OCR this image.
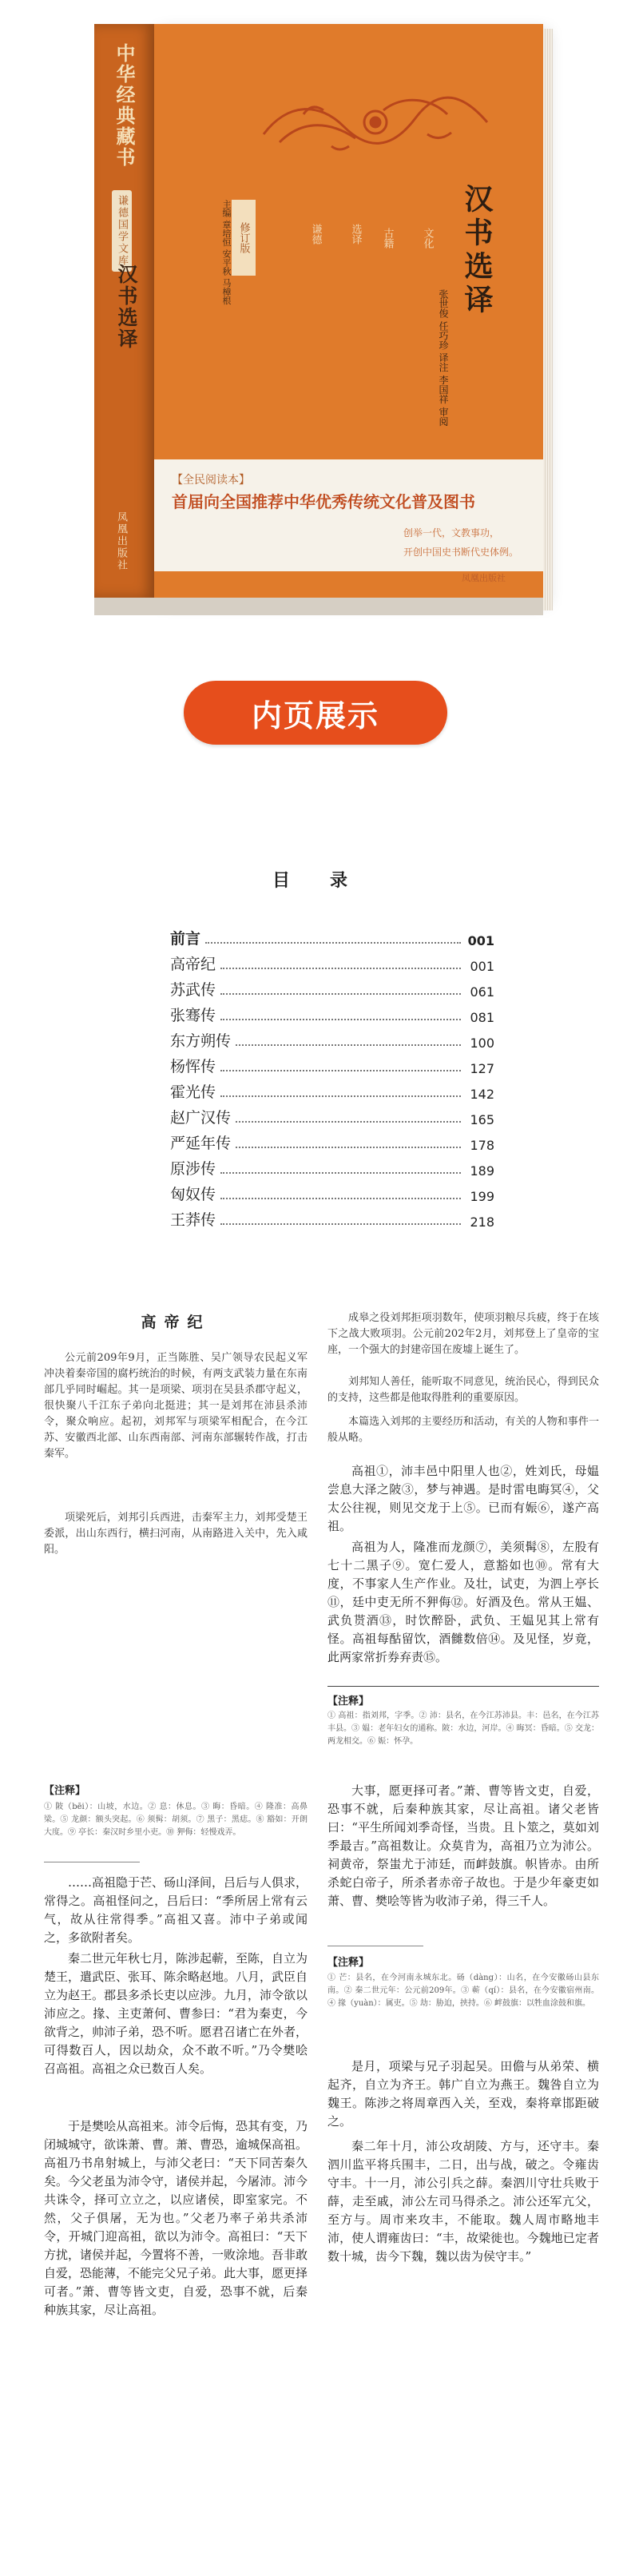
中华经典藏书
谦德国学文库
汉书选译
凤凰出版社
修订版	谦德	选译	古籍	文化
主编 章培恒 安平秋 马樟根	汉书选译
张世俊 任巧珍 译注 李国祥 审阅
【全民阅读本】
首届向全国推荐中华优秀传统文化普及图书
创举一代，文教事功，
开创中国史书断代史体例。
凤凰出版社
内页展示
目　录
前言	001
高帝纪	001
苏武传	061
张骞传	081
东方朔传	100
杨恽传	127
霍光传	142
赵广汉传	165
严延年传	178
原涉传	189
匈奴传	199
王莽传	218
高帝纪

公元前209年9月，正当陈胜、吴广领导农民起义军冲决着秦帝国的腐朽统治的时候，有两支武装力量在东南部几乎同时崛起。其一是项梁、项羽在吴县杀郡守起义，很快聚八千江东子弟向北挺进；其一是刘邦在沛县杀沛令，聚众响应。起初，刘邦军与项梁军相配合，在今江苏、安徽西北部、山东西南部、河南东部辗转作战，打击秦军。

项梁死后，刘邦引兵西进，击秦军主力，刘邦受楚王委派，出山东西行，横扫河南，从南路进入关中，先入咸阳。

成皋之役刘邦拒项羽数年，使项羽粮尽兵疲，终于在垓下之战大败项羽。公元前202年2月，刘邦登上了皇帝的宝座，一个强大的封建帝国在废墟上诞生了。

刘邦知人善任，能听取不同意见，统治民心，得到民众的支持，这些都是他取得胜利的重要原因。

本篇选入刘邦的主要经历和活动，有关的人物和事件一般从略。

高祖①，沛丰邑中阳里人也②，姓刘氏，母媪尝息大泽之陂③，梦与神遇。是时雷电晦冥④，父太公往视，则见交龙于上⑤。已而有娠⑥，遂产高祖。

高祖为人，隆准而龙颜⑦，美须髯⑧，左股有七十二黑子⑨。宽仁爱人，意豁如也⑩。常有大度，不事家人生产作业。及壮，试吏，为泗上亭长⑪，廷中吏无所不狎侮⑫。好酒及色。常从王媪、武负贳酒⑬，时饮醉卧，武负、王媪见其上常有怪。高祖每酤留饮，酒雠数倍⑭。及见怪，岁竟，此两家常折券弃责⑮。

【注释】

① 高祖：指刘邦，字季。② 沛：县名，在今江苏沛县。丰：邑名，在今江苏丰县。③ 媪：老年妇女的通称。陂：水边，河岸。④ 晦冥：昏暗。⑤ 交龙：两龙相交。⑥ 娠：怀孕。

【注释】

① 陂（bēi）：山坡，水边。② 息：休息。③ 晦：昏暗。④ 隆准：高鼻梁。⑤ 龙颜：额头突起。⑥ 须髯：胡须。⑦ 黑子：黑痣。⑧ 豁如：开朗大度。⑨ 亭长：秦汉时乡里小吏。⑩ 狎侮：轻慢戏弄。

……高祖隐于芒、砀山泽间，吕后与人俱求，常得之。高祖怪问之，吕后曰：“季所居上常有云气，故从往常得季。”高祖又喜。沛中子弟或闻之，多欲附者矣。

秦二世元年秋七月，陈涉起蕲，至陈，自立为楚王，遣武臣、张耳、陈余略赵地。八月，武臣自立为赵王。郡县多杀长吏以应涉。九月，沛令欲以沛应之。掾、主吏萧何、曹参曰：“君为秦吏，今欲背之，帅沛子弟，恐不听。愿君召诸亡在外者，可得数百人，因以劫众，众不敢不听。”乃令樊哙召高祖。高祖之众已数百人矣。

于是樊哙从高祖来。沛令后悔，恐其有变，乃闭城城守，欲诛萧、曹。萧、曹恐，逾城保高祖。高祖乃书帛射城上，与沛父老曰：“天下同苦秦久矣。今父老虽为沛令守，诸侯并起，今屠沛。沛今共诛令，择可立立之，以应诸侯，即室家完。不然，父子俱屠，无为也。”父老乃率子弟共杀沛令，开城门迎高祖，欲以为沛令。高祖曰：“天下方扰，诸侯并起，今置将不善，一败涂地。吾非敢自爱，恐能薄，不能完父兄子弟。此大事，愿更择可者。”萧、曹等皆文吏，自爱，恐事不就，后秦种族其家，尽让高祖。

大事，愿更择可者。”萧、曹等皆文吏，自爱，恐事不就，后秦种族其家，尽让高祖。诸父老皆曰：“平生所闻刘季奇怪，当贵。且卜筮之，莫如刘季最吉。”高祖数让。众莫肯为，高祖乃立为沛公。祠黄帝，祭蚩尤于沛廷，而衅鼓旗。帜皆赤。由所杀蛇白帝子，所杀者赤帝子故也。于是少年豪吏如萧、曹、樊哙等皆为收沛子弟，得三千人。

【注释】

① 芒：县名，在今河南永城东北。砀（dàng）：山名，在今安徽砀山县东南。② 秦二世元年：公元前209年。③ 蕲（qí）：县名，在今安徽宿州南。④ 掾（yuàn）：属吏。⑤ 劫：胁迫，挟持。⑥ 衅鼓旗：以牲血涂鼓和旗。

是月，项梁与兄子羽起吴。田儋与从弟荣、横起齐，自立为齐王。韩广自立为燕王。魏咎自立为魏王。陈涉之将周章西入关，至戏，秦将章邯距破之。

秦二年十月，沛公攻胡陵、方与，还守丰。秦泗川监平将兵围丰，二日，出与战，破之。令雍齿守丰。十一月，沛公引兵之薛。秦泗川守壮兵败于薛，走至戚，沛公左司马得杀之。沛公还军亢父，至方与。周市来攻丰，不能取。魏人周市略地丰沛，使人谓雍齿曰：“丰，故梁徙也。今魏地已定者数十城，齿今下魏，魏以齿为侯守丰。”
